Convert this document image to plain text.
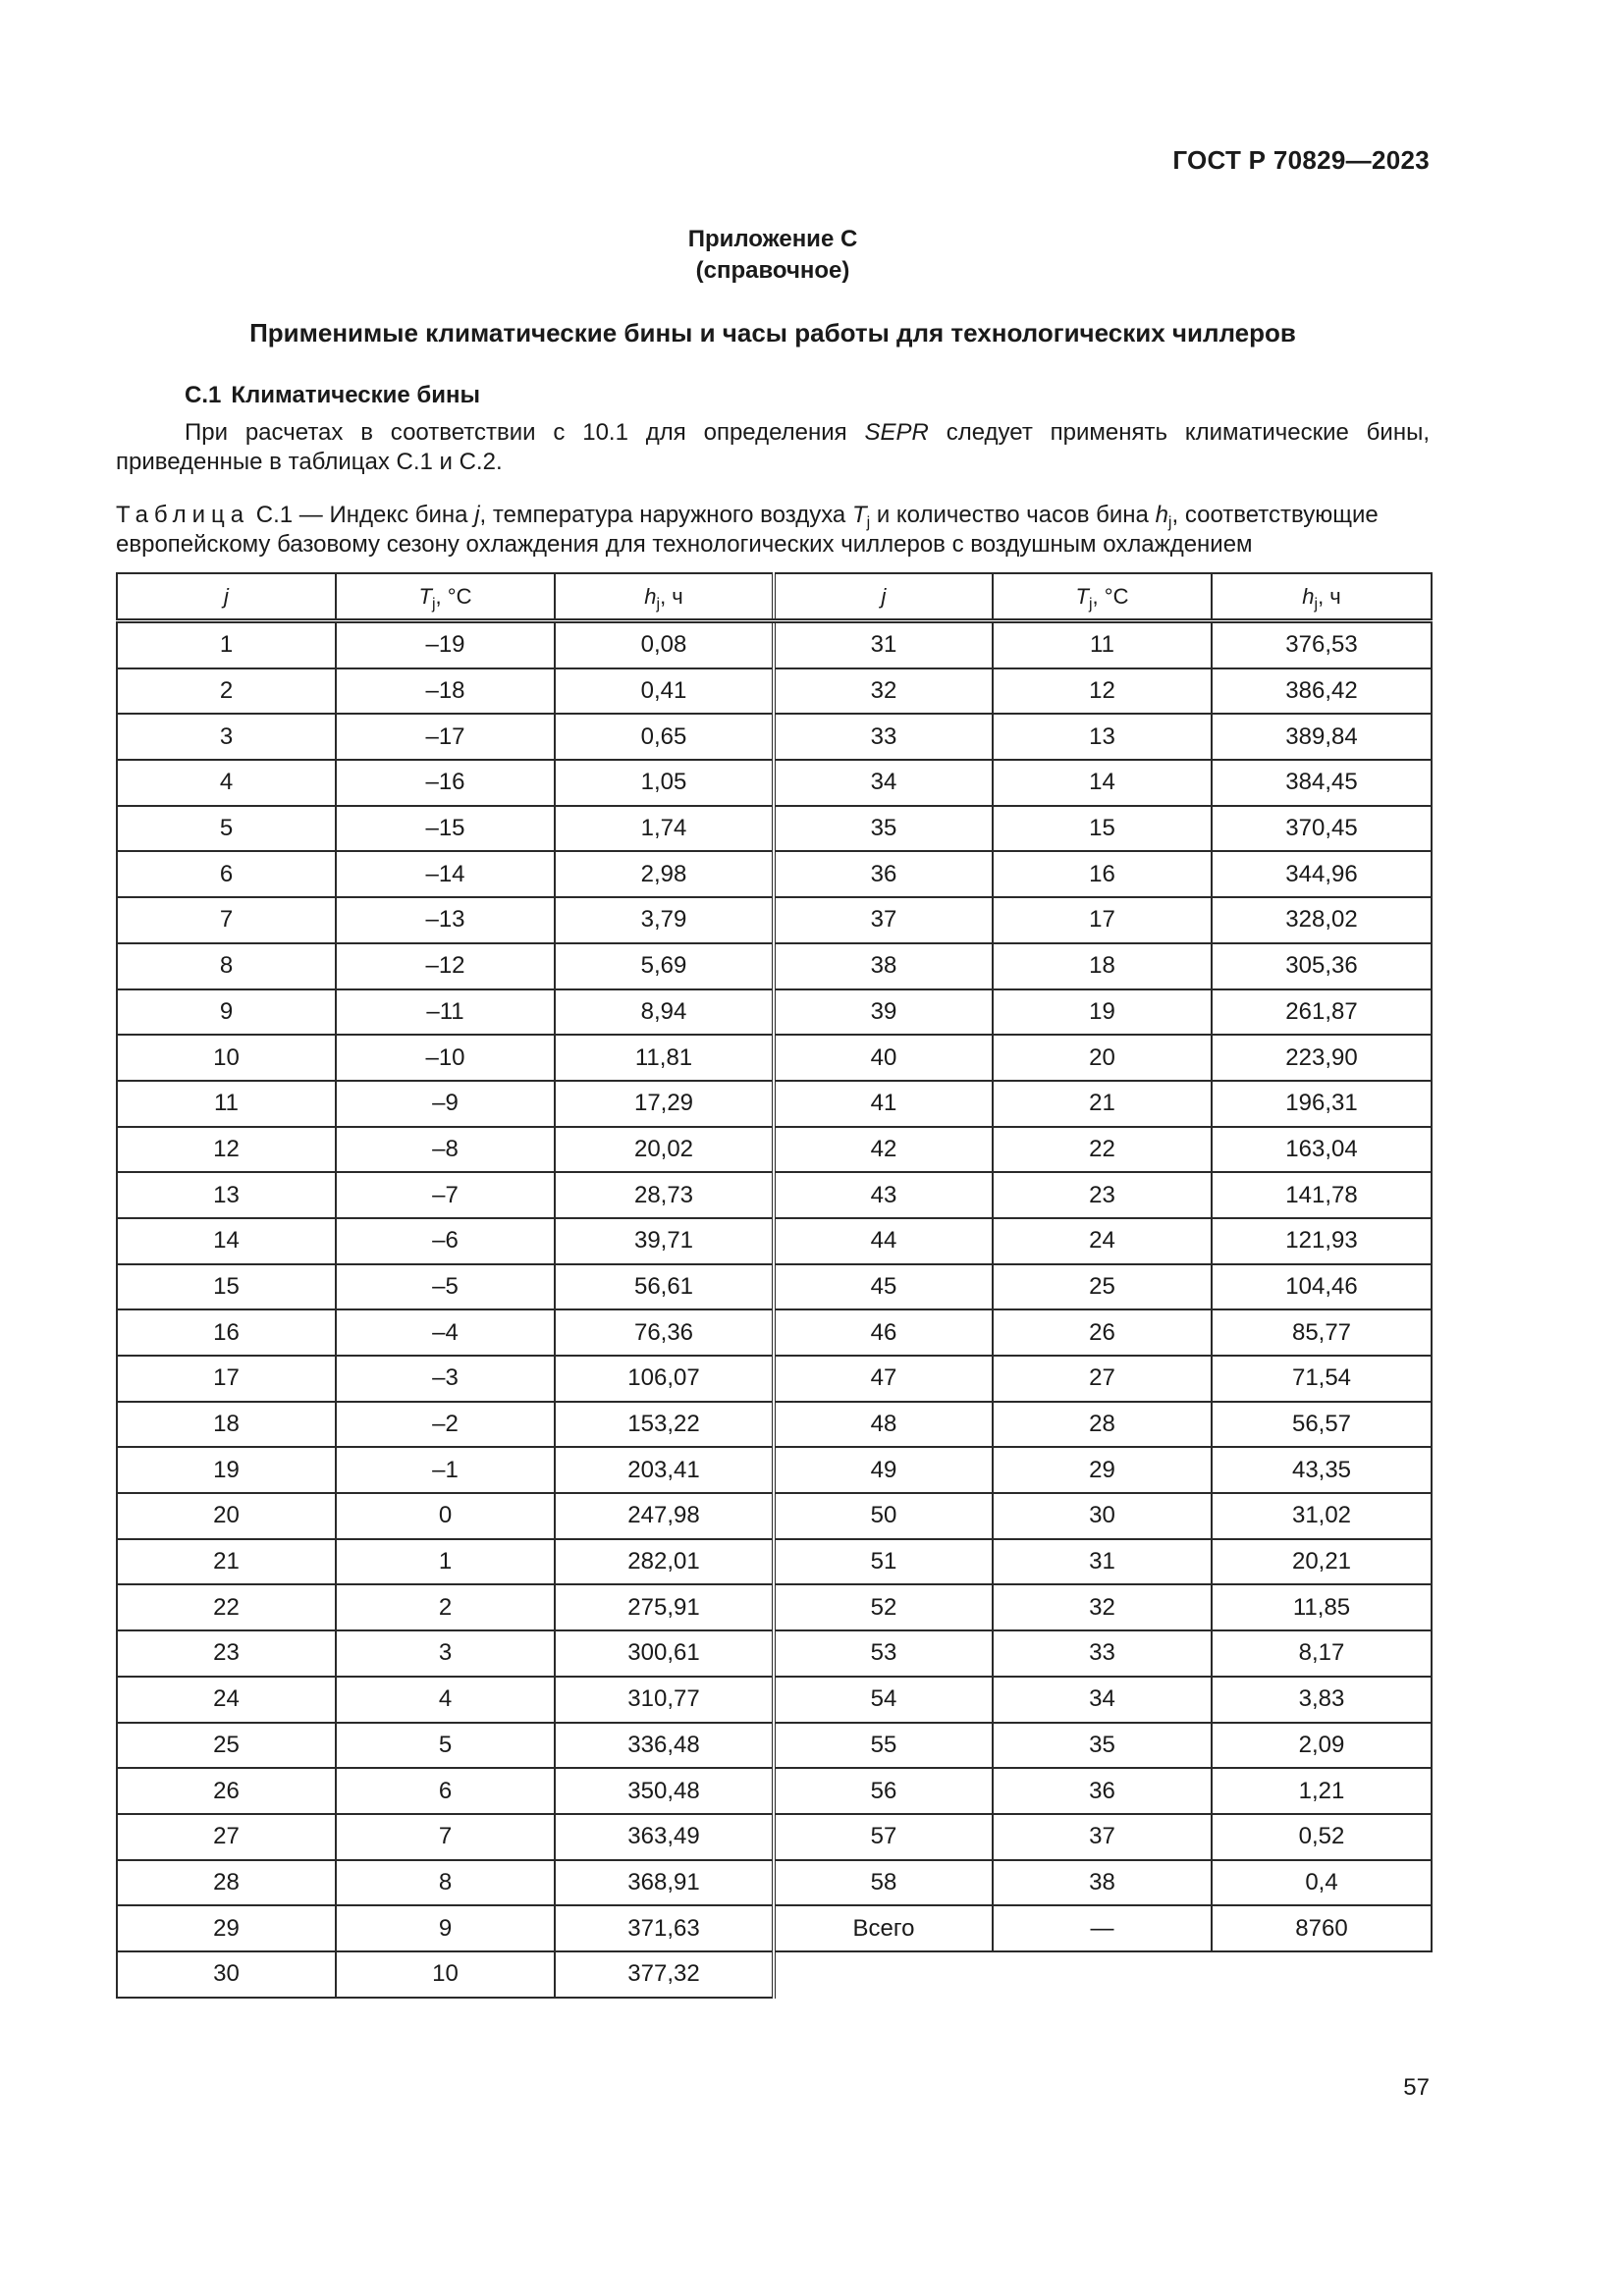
ГОСТ Р 70829—2023
Приложение С
(справочное)
Применимые климатические бины и часы работы для технологических чиллеров
С.1 Климатические бины
При расчетах в соответствии с 10.1 для определения SEPR следует применять климатические бины, приведенные в таблицах С.1 и С.2.
Таблица С.1 — Индекс бина j, температура наружного воздуха $T_j$ и количество часов бина $h_j$, соответствующие европейскому базовому сезону охлаждения для технологических чиллеров с воздушным охлаждением
j	$T_j$, °С	$h_j$, ч	j	$T_j$, °С	$h_j$, ч
1	–19	0,08	31	11	376,53
2	–18	0,41	32	12	386,42
3	–17	0,65	33	13	389,84
4	–16	1,05	34	14	384,45
5	–15	1,74	35	15	370,45
6	–14	2,98	36	16	344,96
7	–13	3,79	37	17	328,02
8	–12	5,69	38	18	305,36
9	–11	8,94	39	19	261,87
10	–10	11,81	40	20	223,90
11	–9	17,29	41	21	196,31
12	–8	20,02	42	22	163,04
13	–7	28,73	43	23	141,78
14	–6	39,71	44	24	121,93
15	–5	56,61	45	25	104,46
16	–4	76,36	46	26	85,77
17	–3	106,07	47	27	71,54
18	–2	153,22	48	28	56,57
19	–1	203,41	49	29	43,35
20	0	247,98	50	30	31,02
21	1	282,01	51	31	20,21
22	2	275,91	52	32	11,85
23	3	300,61	53	33	8,17
24	4	310,77	54	34	3,83
25	5	336,48	55	35	2,09
26	6	350,48	56	36	1,21
27	7	363,49	57	37	0,52
28	8	368,91	58	38	0,4
29	9	371,63	Всего	—	8760
30	10	377,32			
57
